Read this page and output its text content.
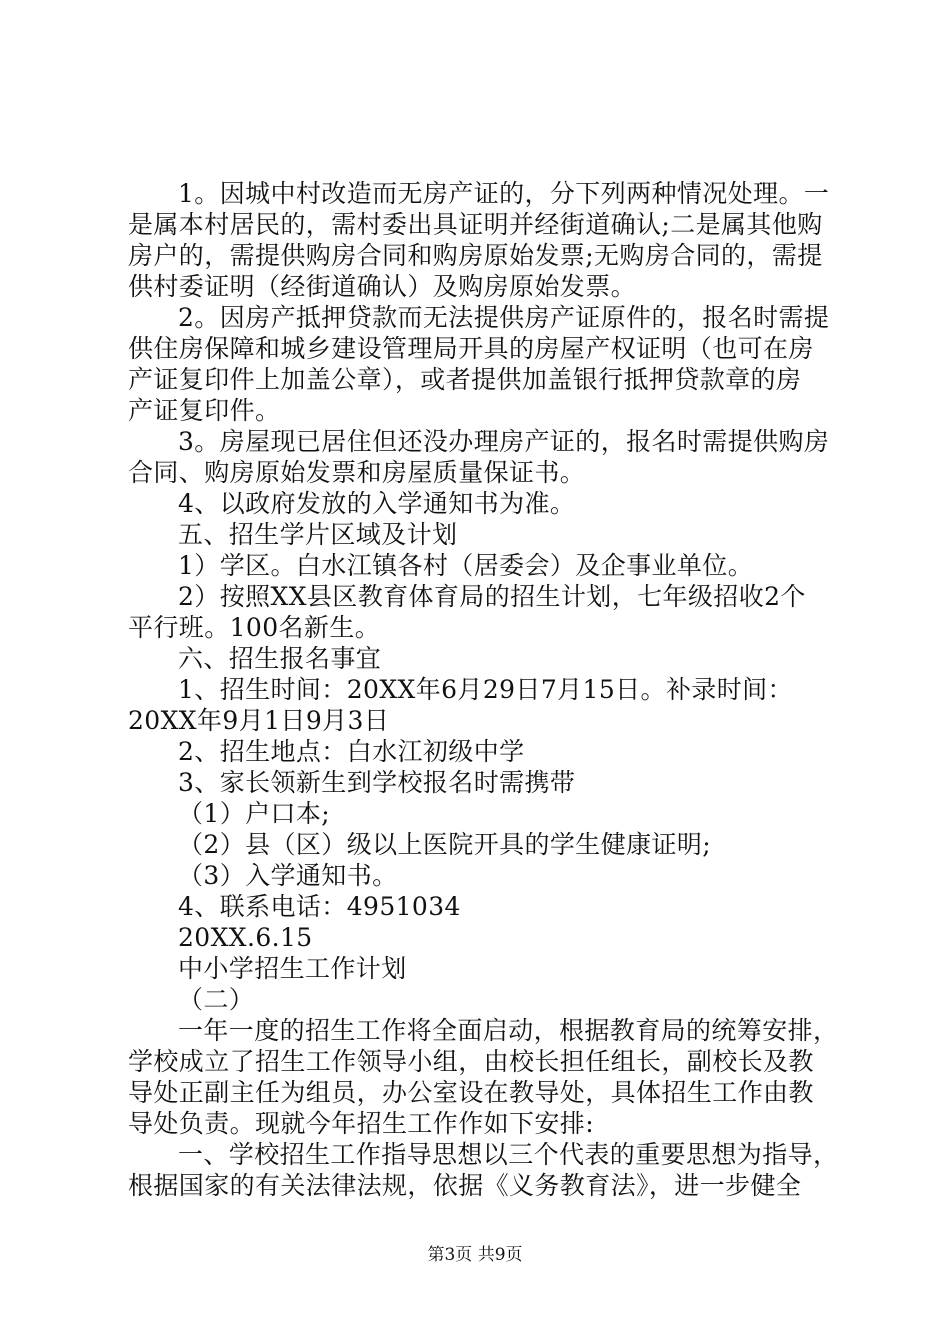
1。因城中村改造而无房产证的，分下列两种情况处理。一
是属本村居民的，需村委出具证明并经街道确认;二是属其他购
房户的，需提供购房合同和购房原始发票;无购房合同的，需提
供村委证明（经街道确认）及购房原始发票。
2。因房产抵押贷款而无法提供房产证原件的，报名时需提
供住房保障和城乡建设管理局开具的房屋产权证明（也可在房
产证复印件上加盖公章），或者提供加盖银行抵押贷款章的房
产证复印件。
3。房屋现已居住但还没办理房产证的，报名时需提供购房
合同、购房原始发票和房屋质量保证书。
4、以政府发放的入学通知书为准。
五、招生学片区域及计划
1）学区。白水江镇各村（居委会）及企事业单位。
2）按照XX县区教育体育局的招生计划，七年级招收2个
平行班。100名新生。
六、招生报名事宜
1、招生时间：20XX年6月29日7月15日。补录时间：
20XX年9月1日9月3日
2、招生地点：白水江初级中学
3、家长领新生到学校报名时需携带
（1）户口本;
（2）县（区）级以上医院开具的学生健康证明;
（3）入学通知书。
4、联系电话：4951034
20XX.6.15
中小学招生工作计划
（二）
一年一度的招生工作将全面启动，根据教育局的统筹安排，
学校成立了招生工作领导小组，由校长担任组长，副校长及教
导处正副主任为组员，办公室设在教导处，具体招生工作由教
导处负责。现就今年招生工作作如下安排:
一、学校招生工作指导思想以三个代表的重要思想为指导，
根据国家的有关法律法规，依据《义务教育法》，进一步健全
第3页 共9页
